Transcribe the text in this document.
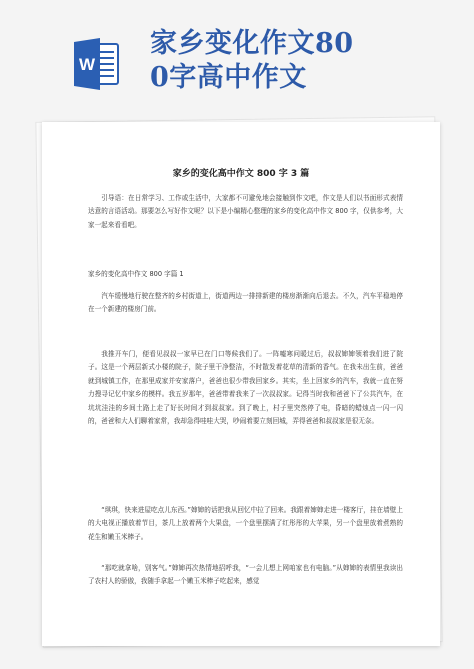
W
家乡变化作文80
0字高中作文
家乡的变化高中作文 800 字 3 篇
引导语：在日常学习、工作或生活中，大家都不可避免地会接触到作文吧，作文是人们以书面形式表情达意的言语活动。那要怎么写好作文呢？以下是小编精心整理的家乡的变化高中作文 800 字，仅供参考，大家一起来看看吧。
家乡的变化高中作文 800 字篇 1
汽车缓慢地行驶在整齐的乡村街道上，街道两边一排排新建的楼房渐渐向后退去。不久，汽车平稳地停在一个新建的楼房门前。
我推开车门，便看见叔叔一家早已在门口等候我们了。一阵嘘寒问暖过后，叔叔婶婶领着我们进了院子。这是一个两层新式小楼的院子，院子里干净整洁，不时散发着花草的清新的香气。在我未出生前，爸爸就到城镇工作，在那里成家并安家落户，爸爸也很少带我回家乡。其实，坐上回家乡的汽车，我就一直在努力搜寻记忆中家乡的模样。我五岁那年，爸爸带着我来了一次叔叔家。记得当时我和爸爸下了公共汽车，在坑坑洼洼的乡间土路上走了好长时间才到叔叔家。到了晚上，村子里突然停了电，昏暗的蜡烛点一闪一闪的，爸爸和大人们聊着家常，我却急得哇哇大哭，吵闹着要立刻回城，弄得爸爸和叔叔家是很无奈。
“琪琪，快来进屋吃点儿东西。”婶婶的话把我从回忆中拉了回来。我跟着婶婶走进一楼客厅，挂在墙壁上的大电视正播放着节目，茶几上放着两个大果盘，一个盘里摆满了红彤彤的大苹果，另一个盘里放着煮熟的花生和嫩玉米棒子。
“那吃就拿啥，别客气。”婶婶再次热情地招呼我，“一会儿想上网咱家也有电脑。”从婶婶的表情里我读出了农村人的骄傲，我随手拿起一个嫩玉米棒子吃起来，感觉
